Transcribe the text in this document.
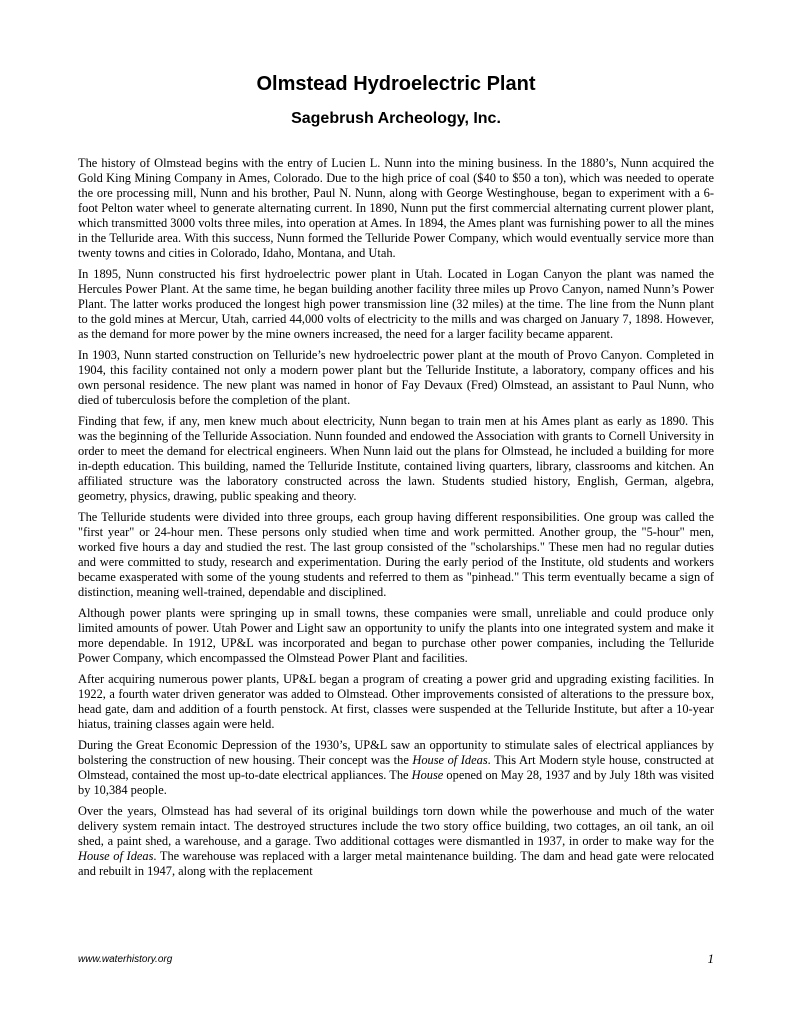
Olmstead Hydroelectric Plant
Sagebrush Archeology, Inc.

The history of Olmstead begins with the entry of Lucien L. Nunn into the mining business. In the 1880’s, Nunn acquired the Gold King Mining Company in Ames, Colorado. Due to the high price of coal ($40 to $50 a ton), which was needed to operate the ore processing mill, Nunn and his brother, Paul N. Nunn, along with George Westinghouse, began to experiment with a 6-foot Pelton water wheel to generate alternating current. In 1890, Nunn put the first commercial alternating current plower plant, which transmitted 3000 volts three miles, into operation at Ames. In 1894, the Ames plant was furnishing power to all the mines in the Telluride area. With this success, Nunn formed the Telluride Power Company, which would eventually service more than twenty towns and cities in Colorado, Idaho, Montana, and Utah.

In 1895, Nunn constructed his first hydroelectric power plant in Utah. Located in Logan Canyon the plant was named the Hercules Power Plant. At the same time, he began building another facility three miles up Provo Canyon, named Nunn’s Power Plant. The latter works produced the longest high power transmission line (32 miles) at the time. The line from the Nunn plant to the gold mines at Mercur, Utah, carried 44,000 volts of electricity to the mills and was charged on January 7, 1898. However, as the demand for more power by the mine owners increased, the need for a larger facility became apparent.

In 1903, Nunn started construction on Telluride’s new hydroelectric power plant at the mouth of Provo Canyon. Completed in 1904, this facility contained not only a modern power plant but the Telluride Institute, a laboratory, company offices and his own personal residence. The new plant was named in honor of Fay Devaux (Fred) Olmstead, an assistant to Paul Nunn, who died of tuberculosis before the completion of the plant.

Finding that few, if any, men knew much about electricity, Nunn began to train men at his Ames plant as early as 1890. This was the beginning of the Telluride Association. Nunn founded and endowed the Association with grants to Cornell University in order to meet the demand for electrical engineers. When Nunn laid out the plans for Olmstead, he included a building for more in-depth education. This building, named the Telluride Institute, contained living quarters, library, classrooms and kitchen. An affiliated structure was the laboratory constructed across the lawn. Students studied history, English, German, algebra, geometry, physics, drawing, public speaking and theory.

The Telluride students were divided into three groups, each group having different responsibilities. One group was called the "first year" or 24-hour men. These persons only studied when time and work permitted. Another group, the "5-hour" men, worked five hours a day and studied the rest. The last group consisted of the "scholarships." These men had no regular duties and were committed to study, research and experimentation. During the early period of the Institute, old students and workers became exasperated with some of the young students and referred to them as "pinhead." This term eventually became a sign of distinction, meaning well-trained, dependable and disciplined.

Although power plants were springing up in small towns, these companies were small, unreliable and could produce only limited amounts of power. Utah Power and Light saw an opportunity to unify the plants into one integrated system and make it more dependable. In 1912, UP&L was incorporated and began to purchase other power companies, including the Telluride Power Company, which encompassed the Olmstead Power Plant and facilities.

After acquiring numerous power plants, UP&L began a program of creating a power grid and upgrading existing facilities. In 1922, a fourth water driven generator was added to Olmstead. Other improvements consisted of alterations to the pressure box, head gate, dam and addition of a fourth penstock. At first, classes were suspended at the Telluride Institute, but after a 10-year hiatus, training classes again were held.

During the Great Economic Depression of the 1930’s, UP&L saw an opportunity to stimulate sales of electrical appliances by bolstering the construction of new housing. Their concept was the House of Ideas. This Art Modern style house, constructed at Olmstead, contained the most up-to-date electrical appliances. The House opened on May 28, 1937 and by July 18th was visited by 10,384 people.

Over the years, Olmstead has had several of its original buildings torn down while the powerhouse and much of the water delivery system remain intact. The destroyed structures include the two story office building, two cottages, an oil tank, an oil shed, a paint shed, a warehouse, and a garage. Two additional cottages were dismantled in 1937, in order to make way for the House of Ideas. The warehouse was replaced with a larger metal maintenance building. The dam and head gate were relocated and rebuilt in 1947, along with the replacement

www.waterhistory.org	1
